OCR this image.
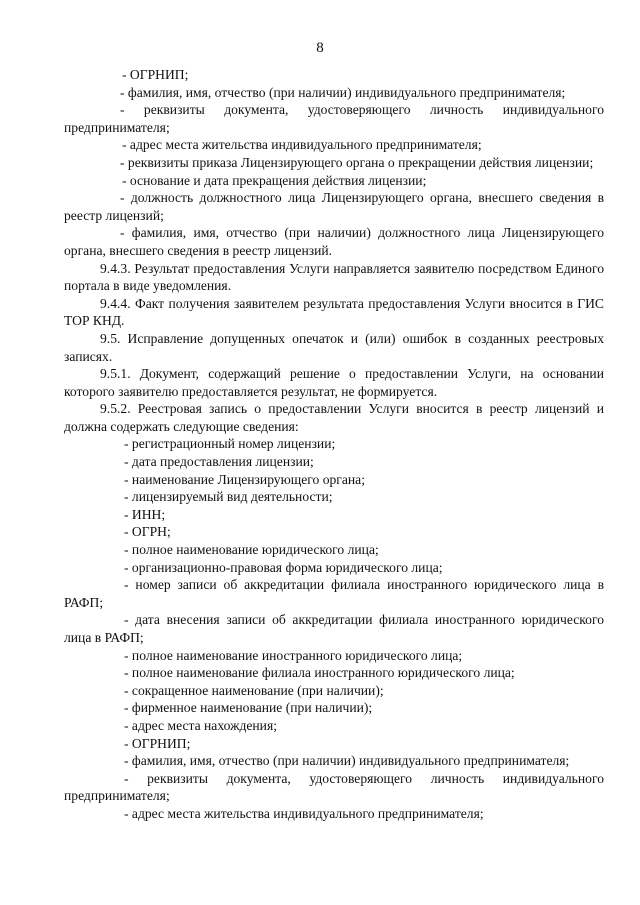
8

- ОГРНИП;

- фамилия, имя, отчество (при наличии) индивидуального предпринимателя;

- реквизиты документа, удостоверяющего личность индивидуального предпринимателя;

- адрес места жительства индивидуального предпринимателя;

- реквизиты приказа Лицензирующего органа о прекращении действия лицензии;

- основание и дата прекращения действия лицензии;

- должность должностного лица Лицензирующего органа, внесшего сведения в реестр лицензий;

- фамилия, имя, отчество (при наличии) должностного лица Лицензирующего органа, внесшего сведения в реестр лицензий.

9.4.3. Результат предоставления Услуги направляется заявителю посредством Единого портала в виде уведомления.

9.4.4. Факт получения заявителем результата предоставления Услуги вносится в ГИС ТОР КНД.

9.5. Исправление допущенных опечаток и (или) ошибок в созданных реестровых записях.

9.5.1. Документ, содержащий решение о предоставлении Услуги, на основании которого заявителю предоставляется результат, не формируется.

9.5.2. Реестровая запись о предоставлении Услуги вносится в реестр лицензий и должна содержать следующие сведения:

- регистрационный номер лицензии;

- дата предоставления лицензии;

- наименование Лицензирующего органа;

- лицензируемый вид деятельности;

- ИНН;

- ОГРН;

- полное наименование юридического лица;

- организационно-правовая форма юридического лица;

- номер записи об аккредитации филиала иностранного юридического лица в РАФП;

- дата внесения записи об аккредитации филиала иностранного юридического лица в РАФП;

- полное наименование иностранного юридического лица;

- полное наименование филиала иностранного юридического лица;

- сокращенное наименование (при наличии);

- фирменное наименование (при наличии);

- адрес места нахождения;

- ОГРНИП;

- фамилия, имя, отчество (при наличии) индивидуального предпринимателя;

- реквизиты документа, удостоверяющего личность индивидуального предпринимателя;

- адрес места жительства индивидуального предпринимателя;
